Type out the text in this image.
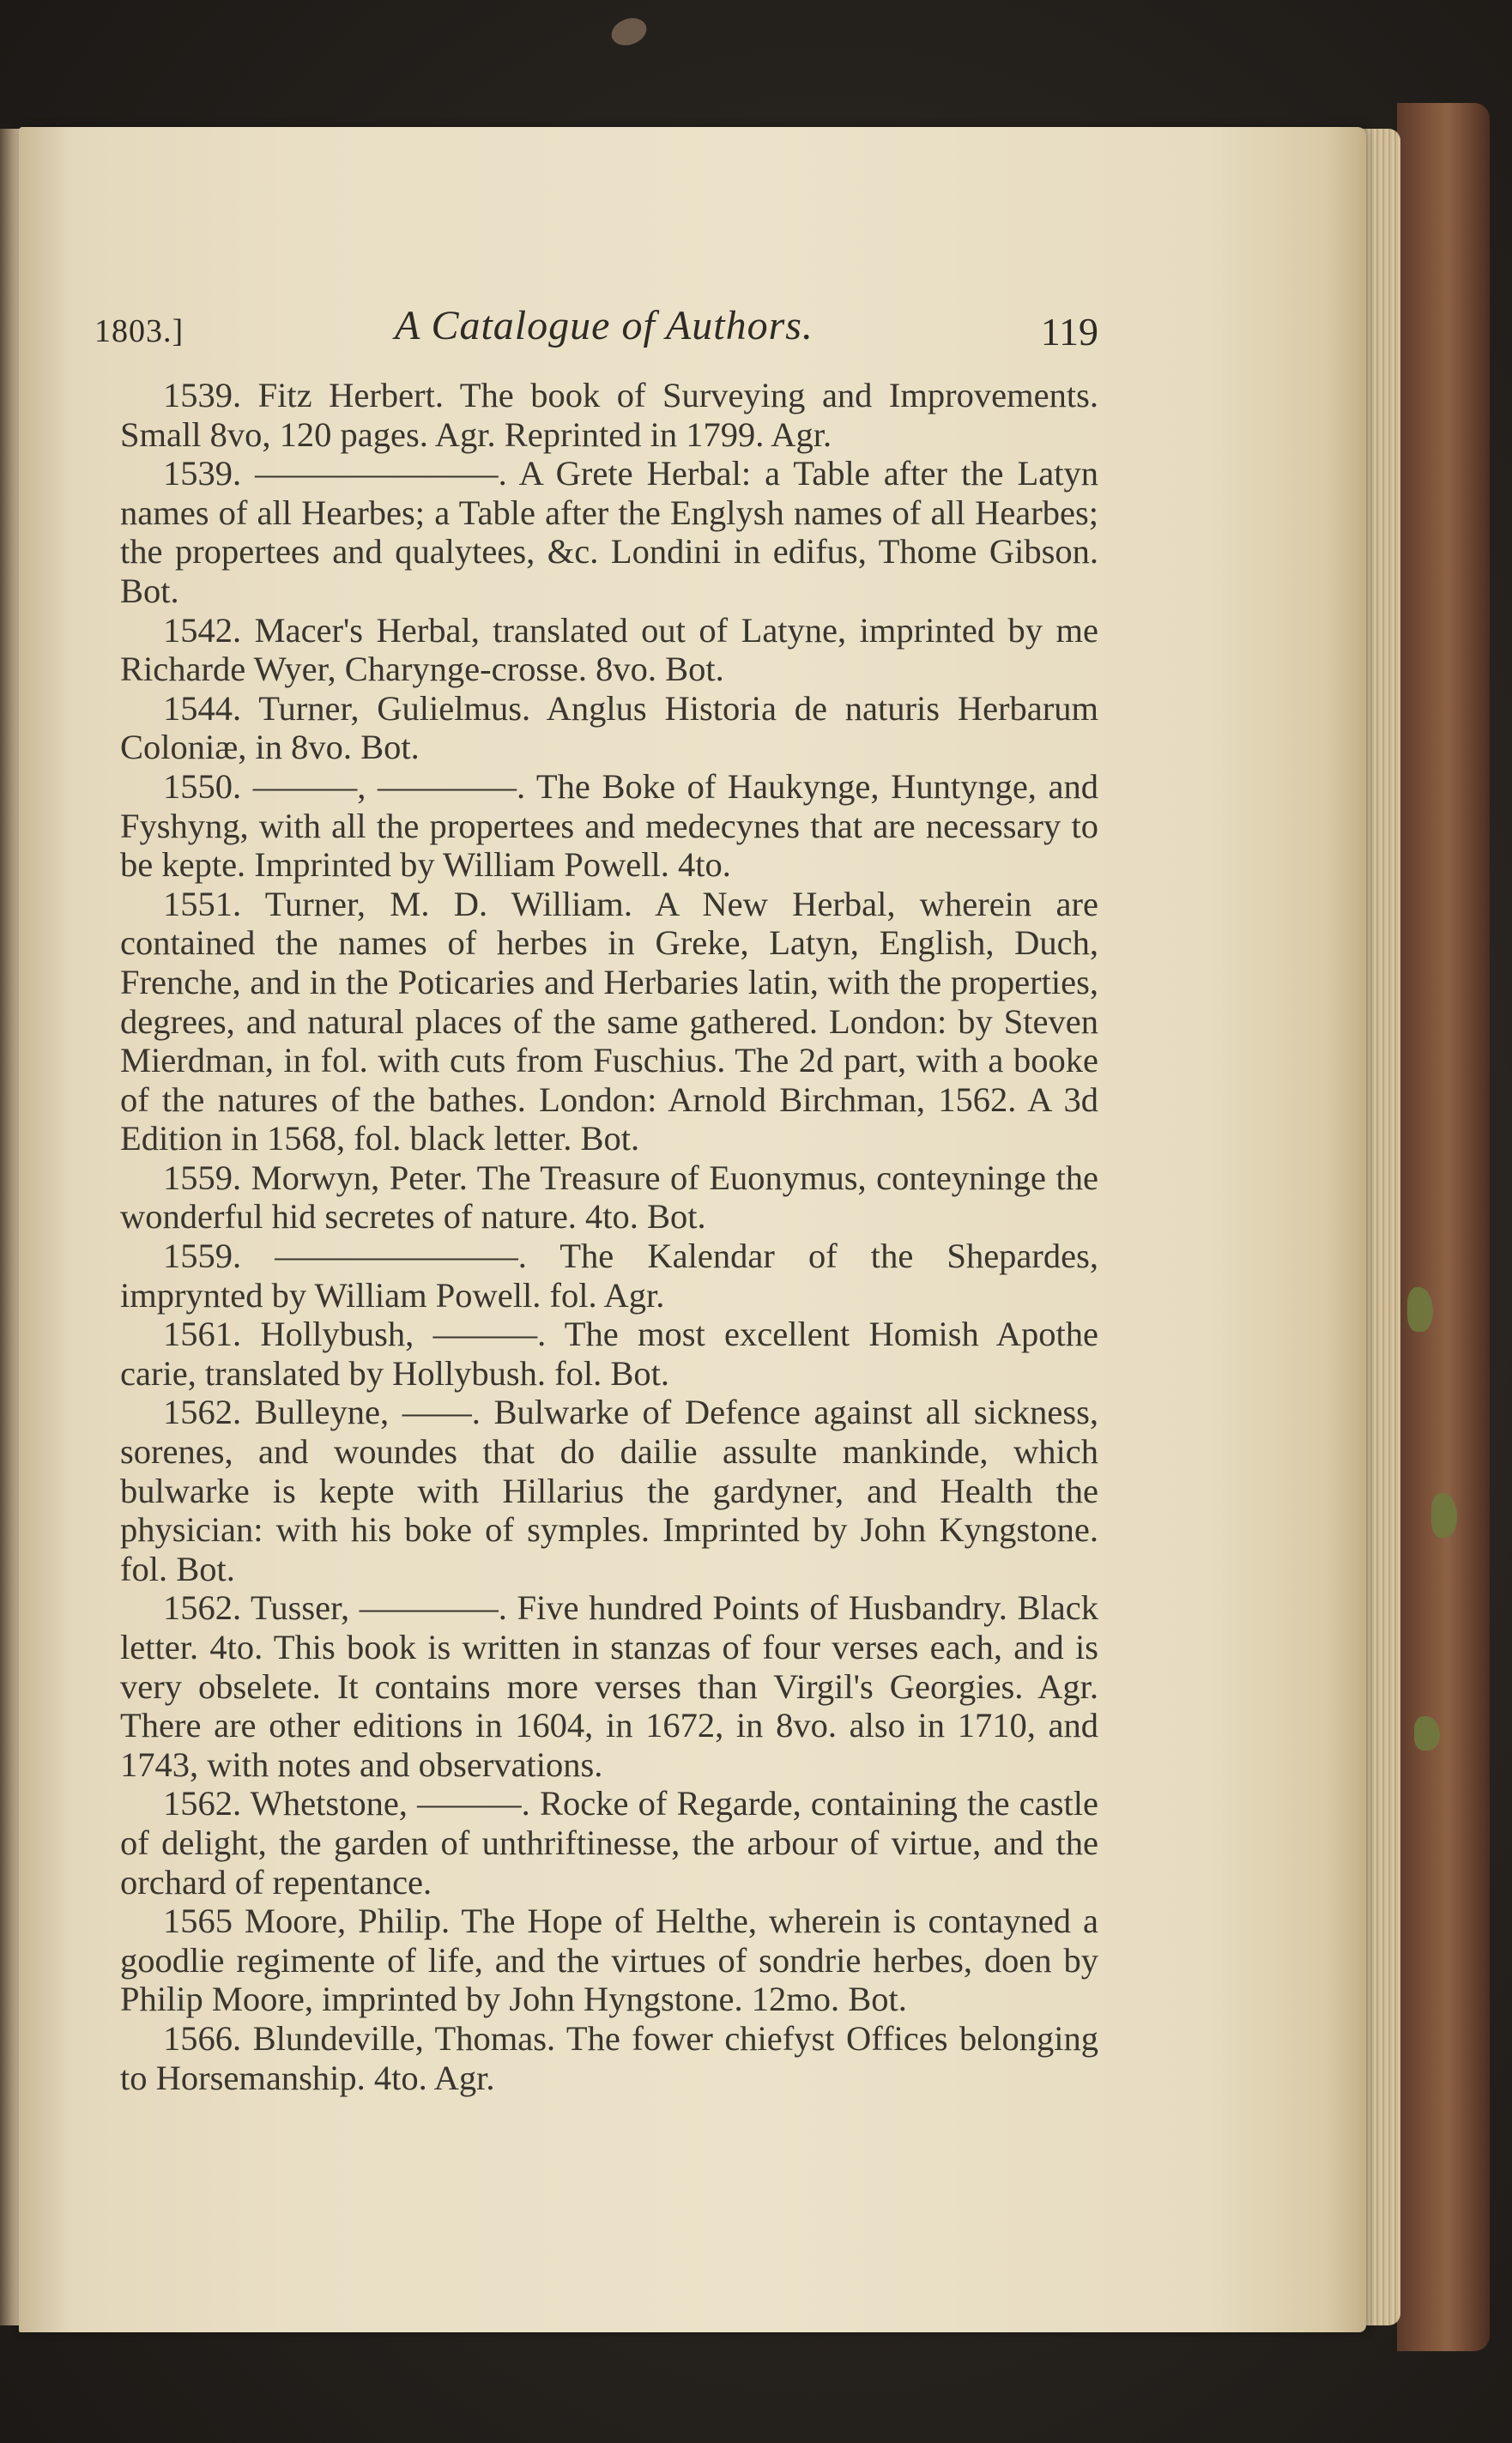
1803.]	A Catalogue of Authors.	119

1539. Fitz Herbert. The book of Surveying and Improvements. Small 8vo, 120 pages. Agr. Reprinted in 1799. Agr.

1539. ———————. A Grete Herbal: a Table after the Latyn names of all Hearbes; a Table after the Englysh names of all Hearbes; the propertees and qualytees, &c. Londini in edifus, Thome Gibson. Bot.

1542. Macer's Herbal, translated out of Latyne, imprinted by me Richarde Wyer, Charynge-crosse. 8vo. Bot.

1544. Turner, Gulielmus. Anglus Historia de naturis Herbarum Coloniæ, in 8vo. Bot.

1550. ———, ————. The Boke of Haukynge, Huntynge, and Fyshyng, with all the propertees and medecynes that are necessary to be kepte. Imprinted by William Powell. 4to.

1551. Turner, M. D. William. A New Herbal, wherein are contained the names of herbes in Greke, Latyn, English, Duch, Frenche, and in the Poticaries and Herbaries latin, with the properties, degrees, and natural places of the same gathered. London: by Steven Mierdman, in fol. with cuts from Fuschius. The 2d part, with a booke of the natures of the bathes. London: Arnold Birchman, 1562. A 3d Edition in 1568, fol. black letter. Bot.

1559. Morwyn, Peter. The Treasure of Euonymus, conteyninge the wonderful hid secretes of nature. 4to. Bot.

1559. ———————. The Kalendar of the Shepardes, imprynted by William Powell. fol. Agr.

1561. Hollybush, ———. The most excellent Homish Apothe carie, translated by Hollybush. fol. Bot.

1562. Bulleyne, ——. Bulwarke of Defence against all sickness, sorenes, and woundes that do dailie assulte mankinde, which bulwarke is kepte with Hillarius the gardyner, and Health the physician: with his boke of symples. Imprinted by John Kyngstone. fol. Bot.

1562. Tusser, ————. Five hundred Points of Husbandry. Black letter. 4to. This book is written in stanzas of four verses each, and is very obselete. It contains more verses than Virgil's Georgies. Agr. There are other editions in 1604, in 1672, in 8vo. also in 1710, and 1743, with notes and observations.

1562. Whetstone, ———. Rocke of Regarde, containing the castle of delight, the garden of unthriftinesse, the arbour of virtue, and the orchard of repentance.

1565 Moore, Philip. The Hope of Helthe, wherein is contayned a goodlie regimente of life, and the virtues of sondrie herbes, doen by Philip Moore, imprinted by John Hyngstone. 12mo. Bot.

1566. Blundeville, Thomas. The fower chiefyst Offices belonging to Horsemanship. 4to. Agr.
